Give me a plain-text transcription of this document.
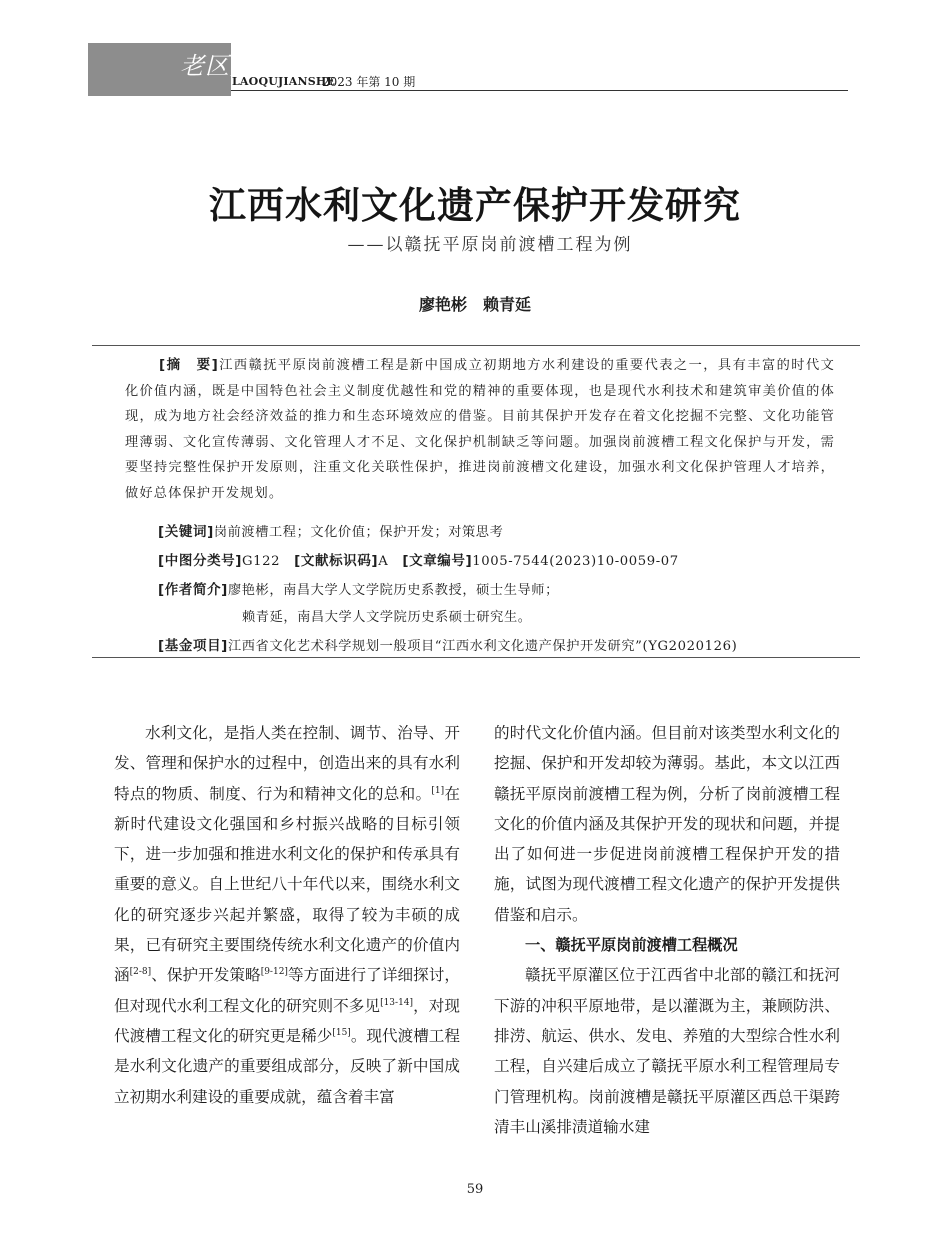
老区建设
LAOQUJIANSHE
2023 年第 10 期
江西水利文化遗产保护开发研究
——以赣抚平原岗前渡槽工程为例
廖艳彬　赖青延

[摘　要]江西赣抚平原岗前渡槽工程是新中国成立初期地方水利建设的重要代表之一，具有丰富的时代文化价值内涵，既是中国特色社会主义制度优越性和党的精神的重要体现，也是现代水利技术和建筑审美价值的体现，成为地方社会经济效益的推力和生态环境效应的借鉴。目前其保护开发存在着文化挖掘不完整、文化功能管理薄弱、文化宣传薄弱、文化管理人才不足、文化保护机制缺乏等问题。加强岗前渡槽工程文化保护与开发，需要坚持完整性保护开发原则，注重文化关联性保护，推进岗前渡槽文化建设，加强水利文化保护管理人才培养，做好总体保护开发规划。

[关键词]岗前渡槽工程；文化价值；保护开发；对策思考
[中图分类号]G122 [文献标识码]A [文章编号]1005-7544(2023)10-0059-07
[作者简介]廖艳彬，南昌大学人文学院历史系教授，硕士生导师；
赖青延，南昌大学人文学院历史系硕士研究生。
[基金项目]江西省文化艺术科学规划一般项目“江西水利文化遗产保护开发研究”(YG2020126)

水利文化，是指人类在控制、调节、治导、开发、管理和保护水的过程中，创造出来的具有水利特点的物质、制度、行为和精神文化的总和。[1]在新时代建设文化强国和乡村振兴战略的目标引领下，进一步加强和推进水利文化的保护和传承具有重要的意义。自上世纪八十年代以来，围绕水利文化的研究逐步兴起并繁盛，取得了较为丰硕的成果，已有研究主要围绕传统水利文化遗产的价值内涵[2-8]、保护开发策略[9-12]等方面进行了详细探讨，但对现代水利工程文化的研究则不多见[13-14]，对现代渡槽工程文化的研究更是稀少[15]。现代渡槽工程是水利文化遗产的重要组成部分，反映了新中国成立初期水利建设的重要成就，蕴含着丰富

的时代文化价值内涵。但目前对该类型水利文化的挖掘、保护和开发却较为薄弱。基此，本文以江西赣抚平原岗前渡槽工程为例，分析了岗前渡槽工程文化的价值内涵及其保护开发的现状和问题，并提出了如何进一步促进岗前渡槽工程保护开发的措施，试图为现代渡槽工程文化遗产的保护开发提供借鉴和启示。

一、赣抚平原岗前渡槽工程概况

赣抚平原灌区位于江西省中北部的赣江和抚河下游的冲积平原地带，是以灌溉为主，兼顾防洪、排涝、航运、供水、发电、养殖的大型综合性水利工程，自兴建后成立了赣抚平原水利工程管理局专门管理机构。岗前渡槽是赣抚平原灌区西总干渠跨清丰山溪排渍道输水建

59
